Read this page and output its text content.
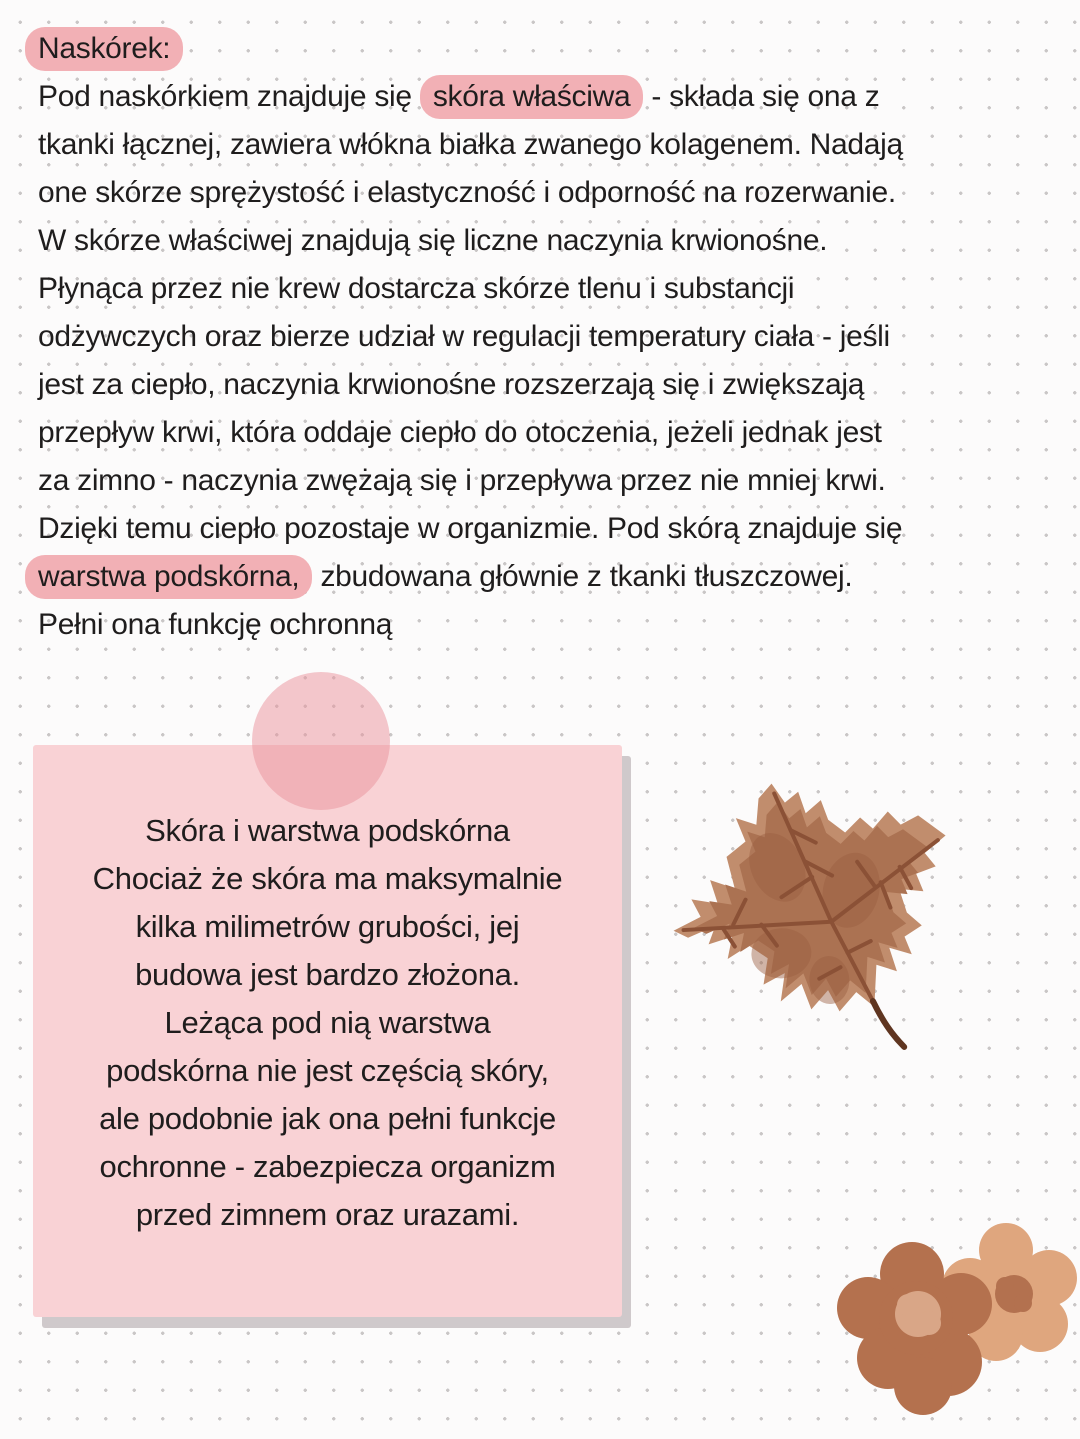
Naskórek:
Pod naskórkiem znajduje się skóra właściwa - składa się ona z
tkanki łącznej, zawiera włókna białka zwanego kolagenem. Nadają
one skórze sprężystość i elastyczność i odporność na rozerwanie.
W skórze właściwej znajdują się liczne naczynia krwionośne.
Płynąca przez nie krew dostarcza skórze tlenu i substancji
odżywczych oraz bierze udział w regulacji temperatury ciała - jeśli
jest za ciepło, naczynia krwionośne rozszerzają się i zwiększają
przepływ krwi, która oddaje ciepło do otoczenia, jeżeli jednak jest
za zimno - naczynia zwężają się i przepływa przez nie mniej krwi.
Dzięki temu ciepło pozostaje w organizmie. Pod skórą znajduje się
warstwa podskórna, zbudowana głównie z tkanki tłuszczowej.
Pełni ona funkcję ochronną

Skóra i warstwa podskórna

Chociaż że skóra ma maksymalnie

kilka milimetrów grubości, jej

budowa jest bardzo złożona.

Leżąca pod nią warstwa

podskórna nie jest częścią skóry,

ale podobnie jak ona pełni funkcje

ochronne - zabezpiecza organizm

przed zimnem oraz urazami.
